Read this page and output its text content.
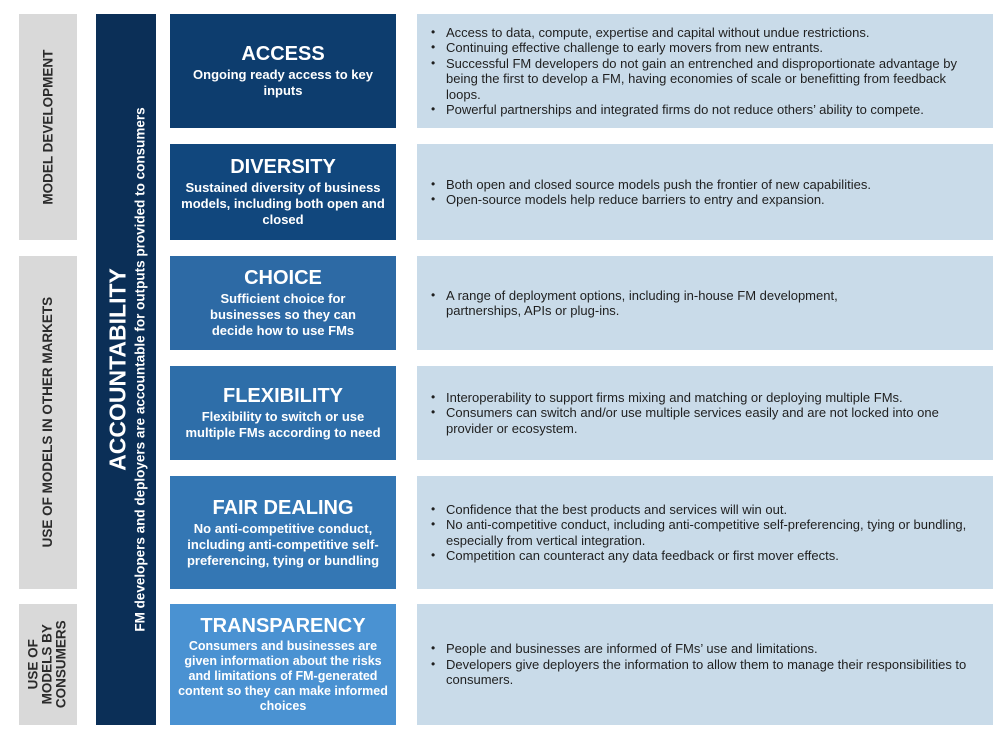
MODEL DEVELOPMENT
USE OF MODELS IN OTHER MARKETS
USE OF MODELS BY CONSUMERS
ACCOUNTABILITY FM developers and deployers are accountable for outputs provided to consumers
ACCESS
Ongoing ready access to key inputs
DIVERSITY
Sustained diversity of business models, including both open and closed
CHOICE
Sufficient choice for businesses so they can decide how to use FMs
FLEXIBILITY
Flexibility to switch or use multiple FMs according to need
FAIR DEALING
No anti-competitive conduct, including anti-competitive self-preferencing, tying or bundling
TRANSPARENCY
Consumers and businesses are given information about the risks and limitations of FM-generated content so they can make informed choices
• Access to data, compute, expertise and capital without undue restrictions.
• Continuing effective challenge to early movers from new entrants.
• Successful FM developers do not gain an entrenched and disproportionate advantage by being the first to develop a FM, having economies of scale or benefitting from feedback loops.
• Powerful partnerships and integrated firms do not reduce others’ ability to compete.
• Both open and closed source models push the frontier of new capabilities.
• Open-source models help reduce barriers to entry and expansion.
• A range of deployment options, including in-house FM development, partnerships, APIs or plug-ins.
• Interoperability to support firms mixing and matching or deploying multiple FMs.
• Consumers can switch and/or use multiple services easily and are not locked into one provider or ecosystem.
• Confidence that the best products and services will win out.
• No anti-competitive conduct, including anti-competitive self-preferencing, tying or bundling, especially from vertical integration.
• Competition can counteract any data feedback or first mover effects.
• People and businesses are informed of FMs’ use and limitations.
• Developers give deployers the information to allow them to manage their responsibilities to consumers.
